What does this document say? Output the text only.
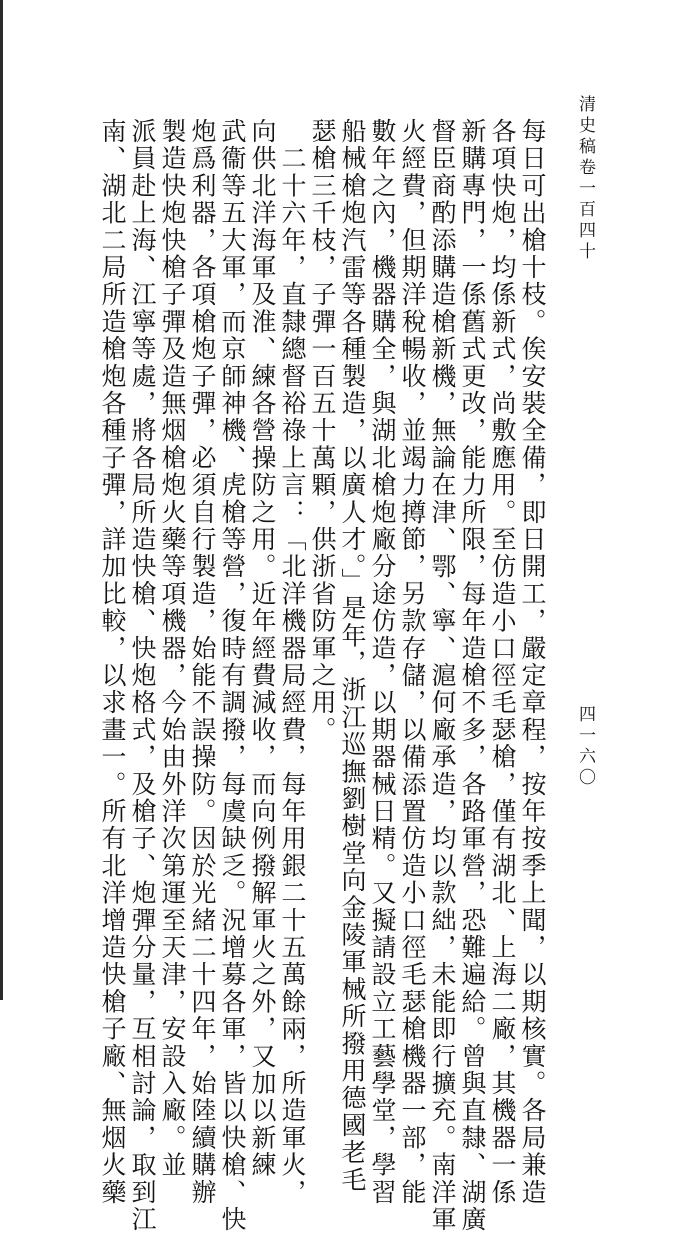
清史稿卷一百四十
四一六〇
每日可出槍十枝。俟安裝全備，即日開工，嚴定章程，按年按季上聞，以期核實。各局兼造
各項快炮，均係新式，尚敷應用。至仿造小口徑毛瑟槍，僅有湖北、上海二廠，其機器一係
新購專門，一係舊式更改，能力所限，每年造槍不多，各路軍營，恐難遍給。曾與直隸、湖廣
督臣商酌添購造槍新機，無論在津、鄂、寧、滬何廠承造，均以款絀，未能即行擴充。南洋軍
火經費，但期洋稅暢收，並竭力撙節，另款存儲，以備添置仿造小口徑毛瑟槍機器一部，能
數年之內，機器購全，與湖北槍炮廠分途仿造，以期器械日精。又擬請設立工藝學堂，學習
船械槍炮汽雷等各種製造，以廣人才。」是年，浙江巡撫劉樹堂向金陵軍械所撥用德國老毛
瑟槍三千枝，子彈一百五十萬顆，供浙省防軍之用。
　二十六年，直隸總督裕祿上言：「北洋機器局經費，每年用銀二十五萬餘兩，所造軍火，
向供北洋海軍及淮、練各營操防之用。近年經費減收，而向例撥解軍火之外，又加以新練
武衞等五大軍，而京師神機、虎槍等營，復時有調撥，每虞缺乏。況增募各軍，皆以快槍、快
炮爲利器，各項槍炮子彈，必須自行製造，始能不誤操防。因於光緒二十四年，始陸續購辦
製造快炮快槍子彈及造無烟槍炮火藥等項機器，今始由外洋次第運至天津，安設入廠。並
派員赴上海、江寧等處，將各局所造快槍、快炮格式，及槍子、炮彈分量，互相討論，取到江
南、湖北二局所造槍炮各種子彈，詳加比較，以求畫一。所有北洋增造快槍子廠、無烟火藥
